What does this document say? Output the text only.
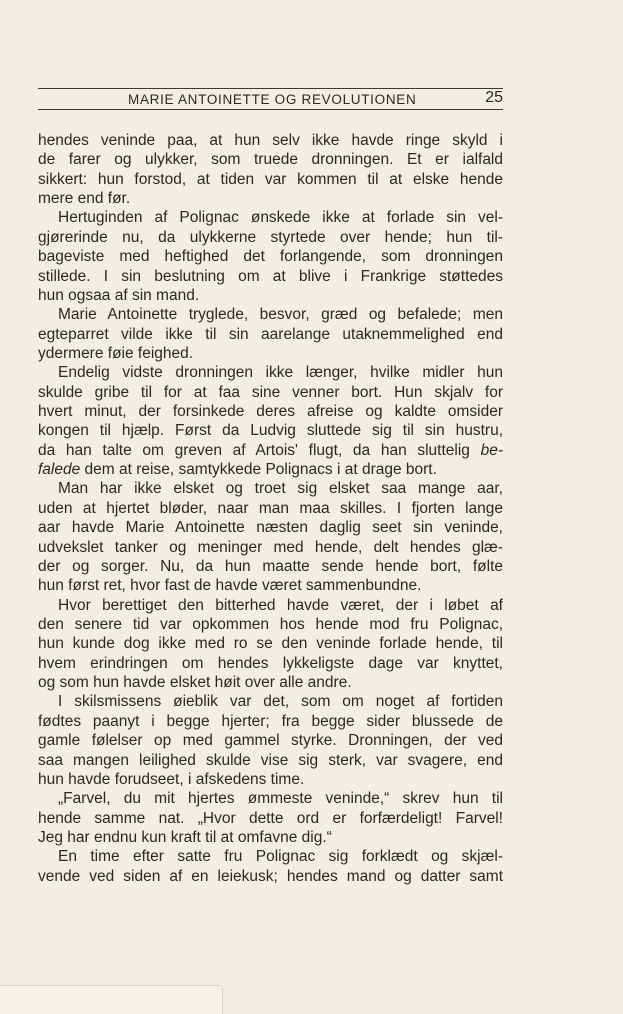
MARIE ANTOINETTE OG REVOLUTIONEN	25
hendes veninde paa, at hun selv ikke havde ringe skyld i
de farer og ulykker, som truede dronningen. Et er ialfald
sikkert: hun forstod, at tiden var kommen til at elske hende
mere end før.
Hertuginden af Polignac ønskede ikke at forlade sin vel-
gjørerinde nu, da ulykkerne styrtede over hende; hun til-
bageviste med heftighed det forlangende, som dronningen
stillede. I sin beslutning om at blive i Frankrige støttedes
hun ogsaa af sin mand.
Marie Antoinette tryglede, besvor, græd og befalede; men
egteparret vilde ikke til sin aarelange utaknemmelighed end
ydermere føie feighed.
Endelig vidste dronningen ikke længer, hvilke midler hun
skulde gribe til for at faa sine venner bort. Hun skjalv for
hvert minut, der forsinkede deres afreise og kaldte omsider
kongen til hjælp. Først da Ludvig sluttede sig til sin hustru,
da han talte om greven af Artois' flugt, da han sluttelig be-
falede dem at reise, samtykkede Polignacs i at drage bort.
Man har ikke elsket og troet sig elsket saa mange aar,
uden at hjertet bløder, naar man maa skilles. I fjorten lange
aar havde Marie Antoinette næsten daglig seet sin veninde,
udvekslet tanker og meninger med hende, delt hendes glæ-
der og sorger. Nu, da hun maatte sende hende bort, følte
hun først ret, hvor fast de havde været sammenbundne.
Hvor berettiget den bitterhed havde været, der i løbet af
den senere tid var opkommen hos hende mod fru Polignac,
hun kunde dog ikke med ro se den veninde forlade hende, til
hvem erindringen om hendes lykkeligste dage var knyttet,
og som hun havde elsket høit over alle andre.
I skilsmissens øieblik var det, som om noget af fortiden
fødtes paanyt i begge hjerter; fra begge sider blussede de
gamle følelser op med gammel styrke. Dronningen, der ved
saa mangen leilighed skulde vise sig sterk, var svagere, end
hun havde forudseet, i afskedens time.
„Farvel, du mit hjertes ømmeste veninde,“ skrev hun til
hende samme nat. „Hvor dette ord er forfærdeligt! Farvel!
Jeg har endnu kun kraft til at omfavne dig.“
En time efter satte fru Polignac sig forklædt og skjæl-
vende ved siden af en leiekusk; hendes mand og datter samt
